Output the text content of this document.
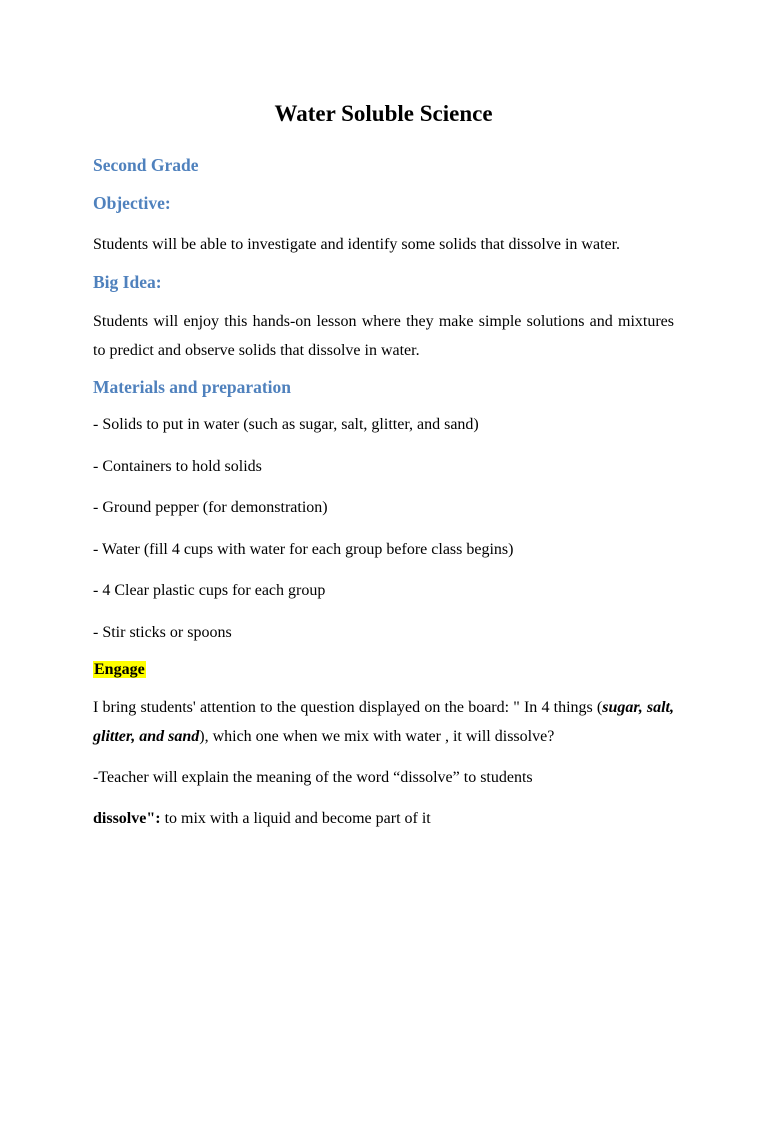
Water Soluble Science
Second Grade
Objective:

Students will be able to investigate and identify some solids that dissolve in water.

Big Idea:

Students will enjoy this hands-on lesson where they make simple solutions and mixtures to predict and observe solids that dissolve in water.

Materials and preparation
- Solids to put in water (such as sugar, salt, glitter, and sand)
- Containers to hold solids
- Ground pepper (for demonstration)
- Water (fill 4 cups with water for each group before class begins)
- 4 Clear plastic cups for each group
- Stir sticks or spoons
Engage

I bring students' attention to the question displayed on the board: " In 4 things (sugar, salt, glitter, and sand), which one when we mix with water , it will dissolve?

-Teacher will explain the meaning of the word “dissolve” to students

dissolve": to mix with a liquid and become part of it
